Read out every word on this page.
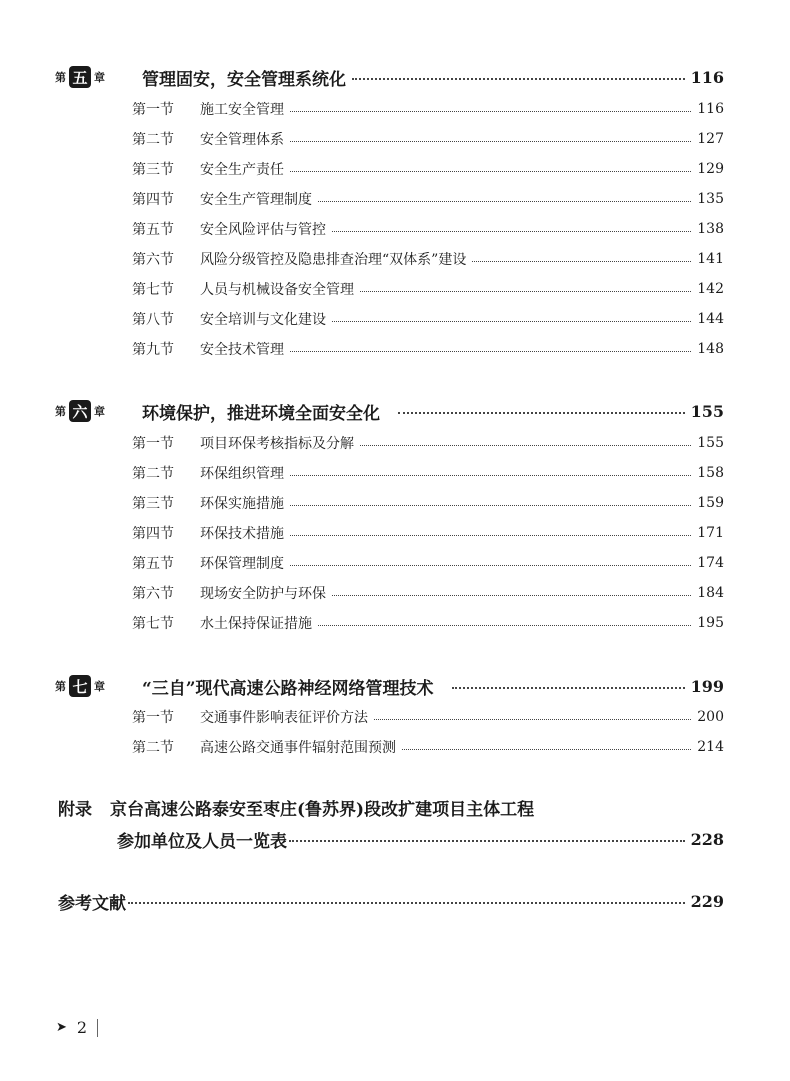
第 五 章 管理固安，安全管理系统化	116
第一节	施工安全管理	116
第二节	安全管理体系	127
第三节	安全生产责任	129
第四节	安全生产管理制度	135
第五节	安全风险评估与管控	138
第六节	风险分级管控及隐患排查治理“双体系”建设	141
第七节	人员与机械设备安全管理	142
第八节	安全培训与文化建设	144
第九节	安全技术管理	148
第 六 章 环境保护，推进环境全面安全化	155
第一节	项目环保考核指标及分解	155
第二节	环保组织管理	158
第三节	环保实施措施	159
第四节	环保技术措施	171
第五节	环保管理制度	174
第六节	现场安全防护与环保	184
第七节	水土保持保证措施	195
第 七 章 “三自”现代高速公路神经网络管理技术	199
第一节	交通事件影响表征评价方法	200
第二节	高速公路交通事件辐射范围预测	214
附录 京台高速公路泰安至枣庄(鲁苏界)段改扩建项目主体工程
参加单位及人员一览表	228
参考文献	229
➤ 2
